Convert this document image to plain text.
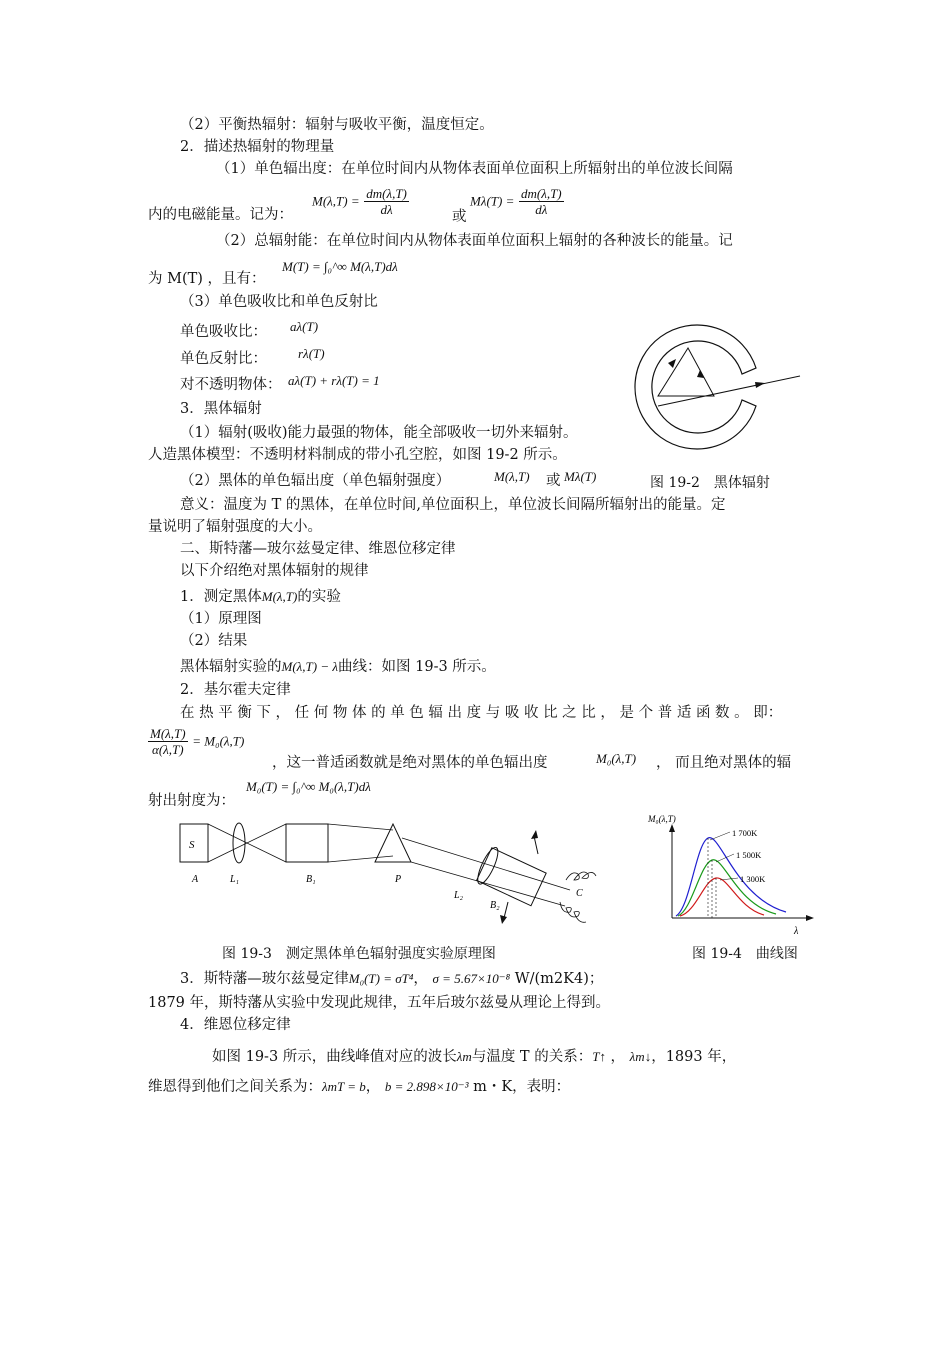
（2）平衡热辐射：辐射与吸收平衡，温度恒定。
2．描述热辐射的物理量
（1）单色辐出度：在单位时间内从物体表面单位面积上所辐射出的单位波长间隔
内的电磁能量。记为：
$M(\lambda,T) = \frac{dm(\lambda,T)}{d\lambda}$	或
$M\lambda(T) = \frac{dm(\lambda,T)}{d\lambda}$
（2）总辐射能：在单位时间内从物体表面单位面积上辐射的各种波长的能量。记
为 M(T) ，且有：
M(T) = ∫₀^∞ M(λ,T)dλ
（3）单色吸收比和单色反射比
单色吸收比： aλ(T)
单色反射比： rλ(T)
对不透明物体： aλ(T) + rλ(T) = 1
3．黑体辐射
（1）辐射(吸收)能力最强的物体，能全部吸收一切外来辐射。
人造黑体模型：不透明材料制成的带小孔空腔，如图 19-2 所示。
（2）黑体的单色辐出度（单色辐射强度）	M(λ,T) 或 Mλ(T)	图 19-2　黑体辐射
意义：温度为 T 的黑体，在单位时间,单位面积上，单位波长间隔所辐射出的能量。定
量说明了辐射强度的大小。
二、斯特藩—玻尔兹曼定律、维恩位移定律
以下介绍绝对黑体辐射的规律
1．测定黑体M(λ,T)的实验
（1）原理图
（2）结果
黑体辐射实验的M(λ,T) − λ曲线：如图 19-3 所示。
2．基尔霍夫定律
在 热 平 衡 下 ， 任 何 物 体 的 单 色 辐 出 度 与 吸 收 比 之 比 ， 是 个 普 适 函 数 。 即：
$\frac{M(\lambda,T)}{\alpha(\lambda,T)} = M_0(\lambda,T)$
，这一普适函数就是绝对黑体的单色辐出度	M₀(λ,T) ， 而且绝对黑体的辐
射出射度为：
M₀(T) = ∫₀^∞ M₀(λ,T)dλ
S
A	L₁	B₁	P
L₂
B₂
C
M₀(λ,T)
λ
1 700K
1 500K
1 300K
图 19-3　测定黑体单色辐射强度实验原理图	图 19-4　曲线图
3．斯特藩—玻尔兹曼定律M₀(T) = σT⁴， σ = 5.67×10⁻⁸ W/(m2K4)；
1879 年，斯特藩从实验中发现此规律，五年后玻尔兹曼从理论上得到。
4．维恩位移定律
如图 19-3 所示，曲线峰值对应的波长λm与温度 T 的关系：T↑ ， λm↓，1893 年，
维恩得到他们之间关系为：λmT = b， b = 2.898×10⁻³ m・K，表明：
